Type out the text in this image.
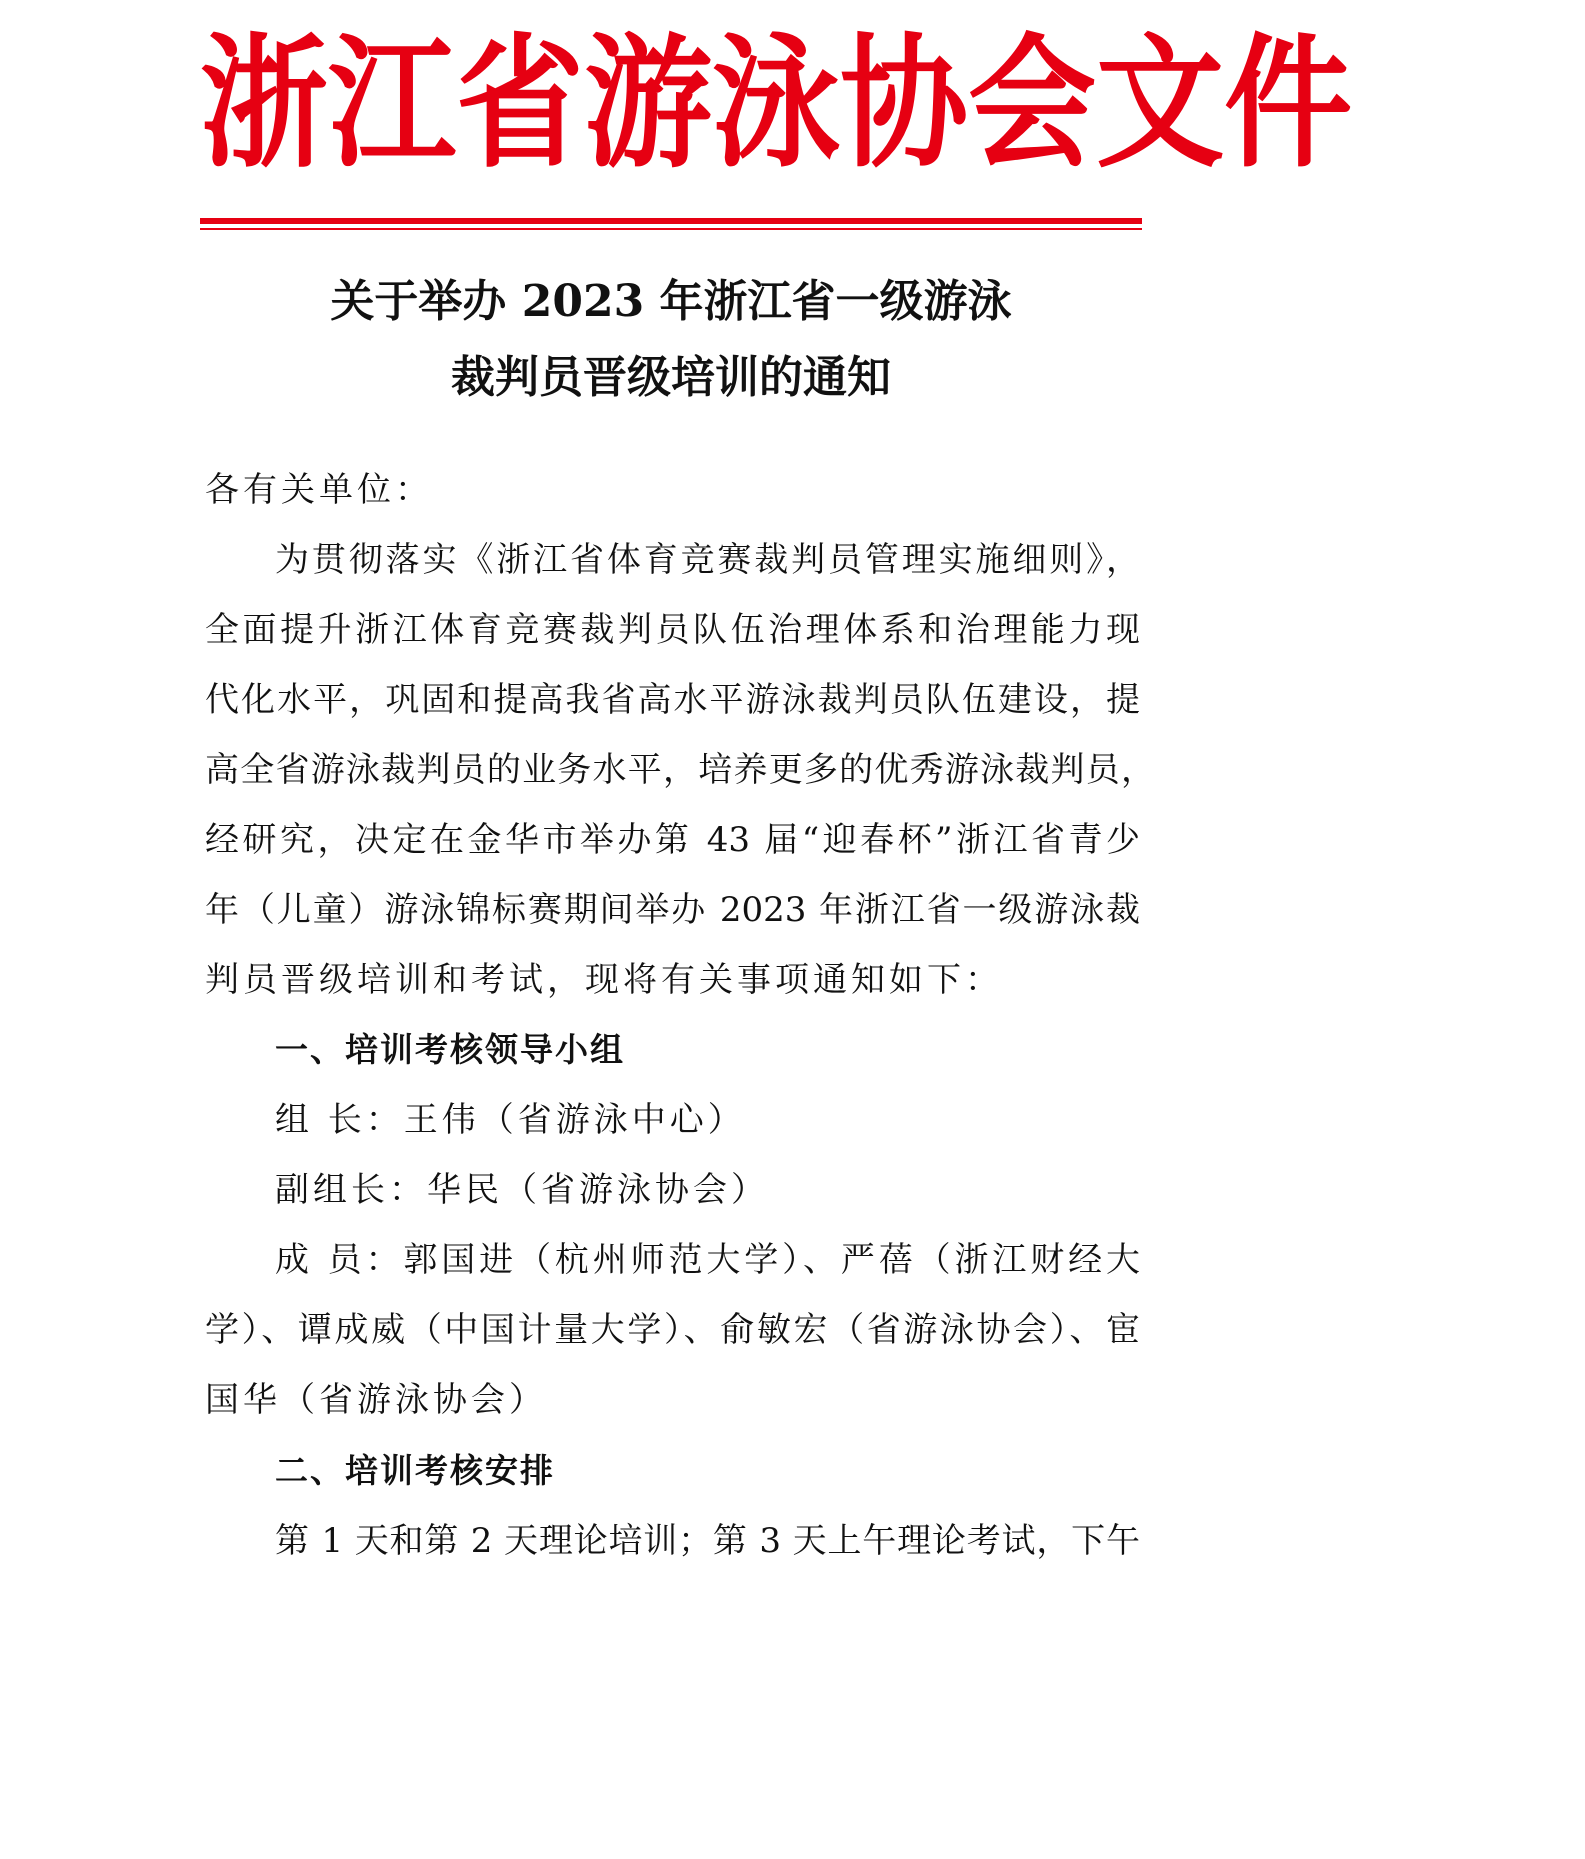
浙 江 省 游 泳 协 会 文 件
关于举办 2023 年浙江省一级游泳
裁判员晋级培训的通知
各有关单位：
为贯彻落实《浙江省体育竞赛裁判员管理实施细则》，
全面提升浙江体育竞赛裁判员队伍治理体系和治理能力现
代化水平，巩固和提高我省高水平游泳裁判员队伍建设，提
高全省游泳裁判员的业务水平，培养更多的优秀游泳裁判员，
经研究，决定在金华市举办第 43 届“迎春杯”浙江省青少
年（儿童）游泳锦标赛期间举办 2023 年浙江省一级游泳裁
判员晋级培训和考试，现将有关事项通知如下：
一、培训考核领导小组
组 长：王伟（省游泳中心）
副组长：华民（省游泳协会）
成 员：郭国进（杭州师范大学）、严蓓（浙江财经大
学）、谭成威（中国计量大学）、俞敏宏（省游泳协会）、宦
国华（省游泳协会）
二、培训考核安排
第 1 天和第 2 天理论培训；第 3 天上午理论考试，下午
